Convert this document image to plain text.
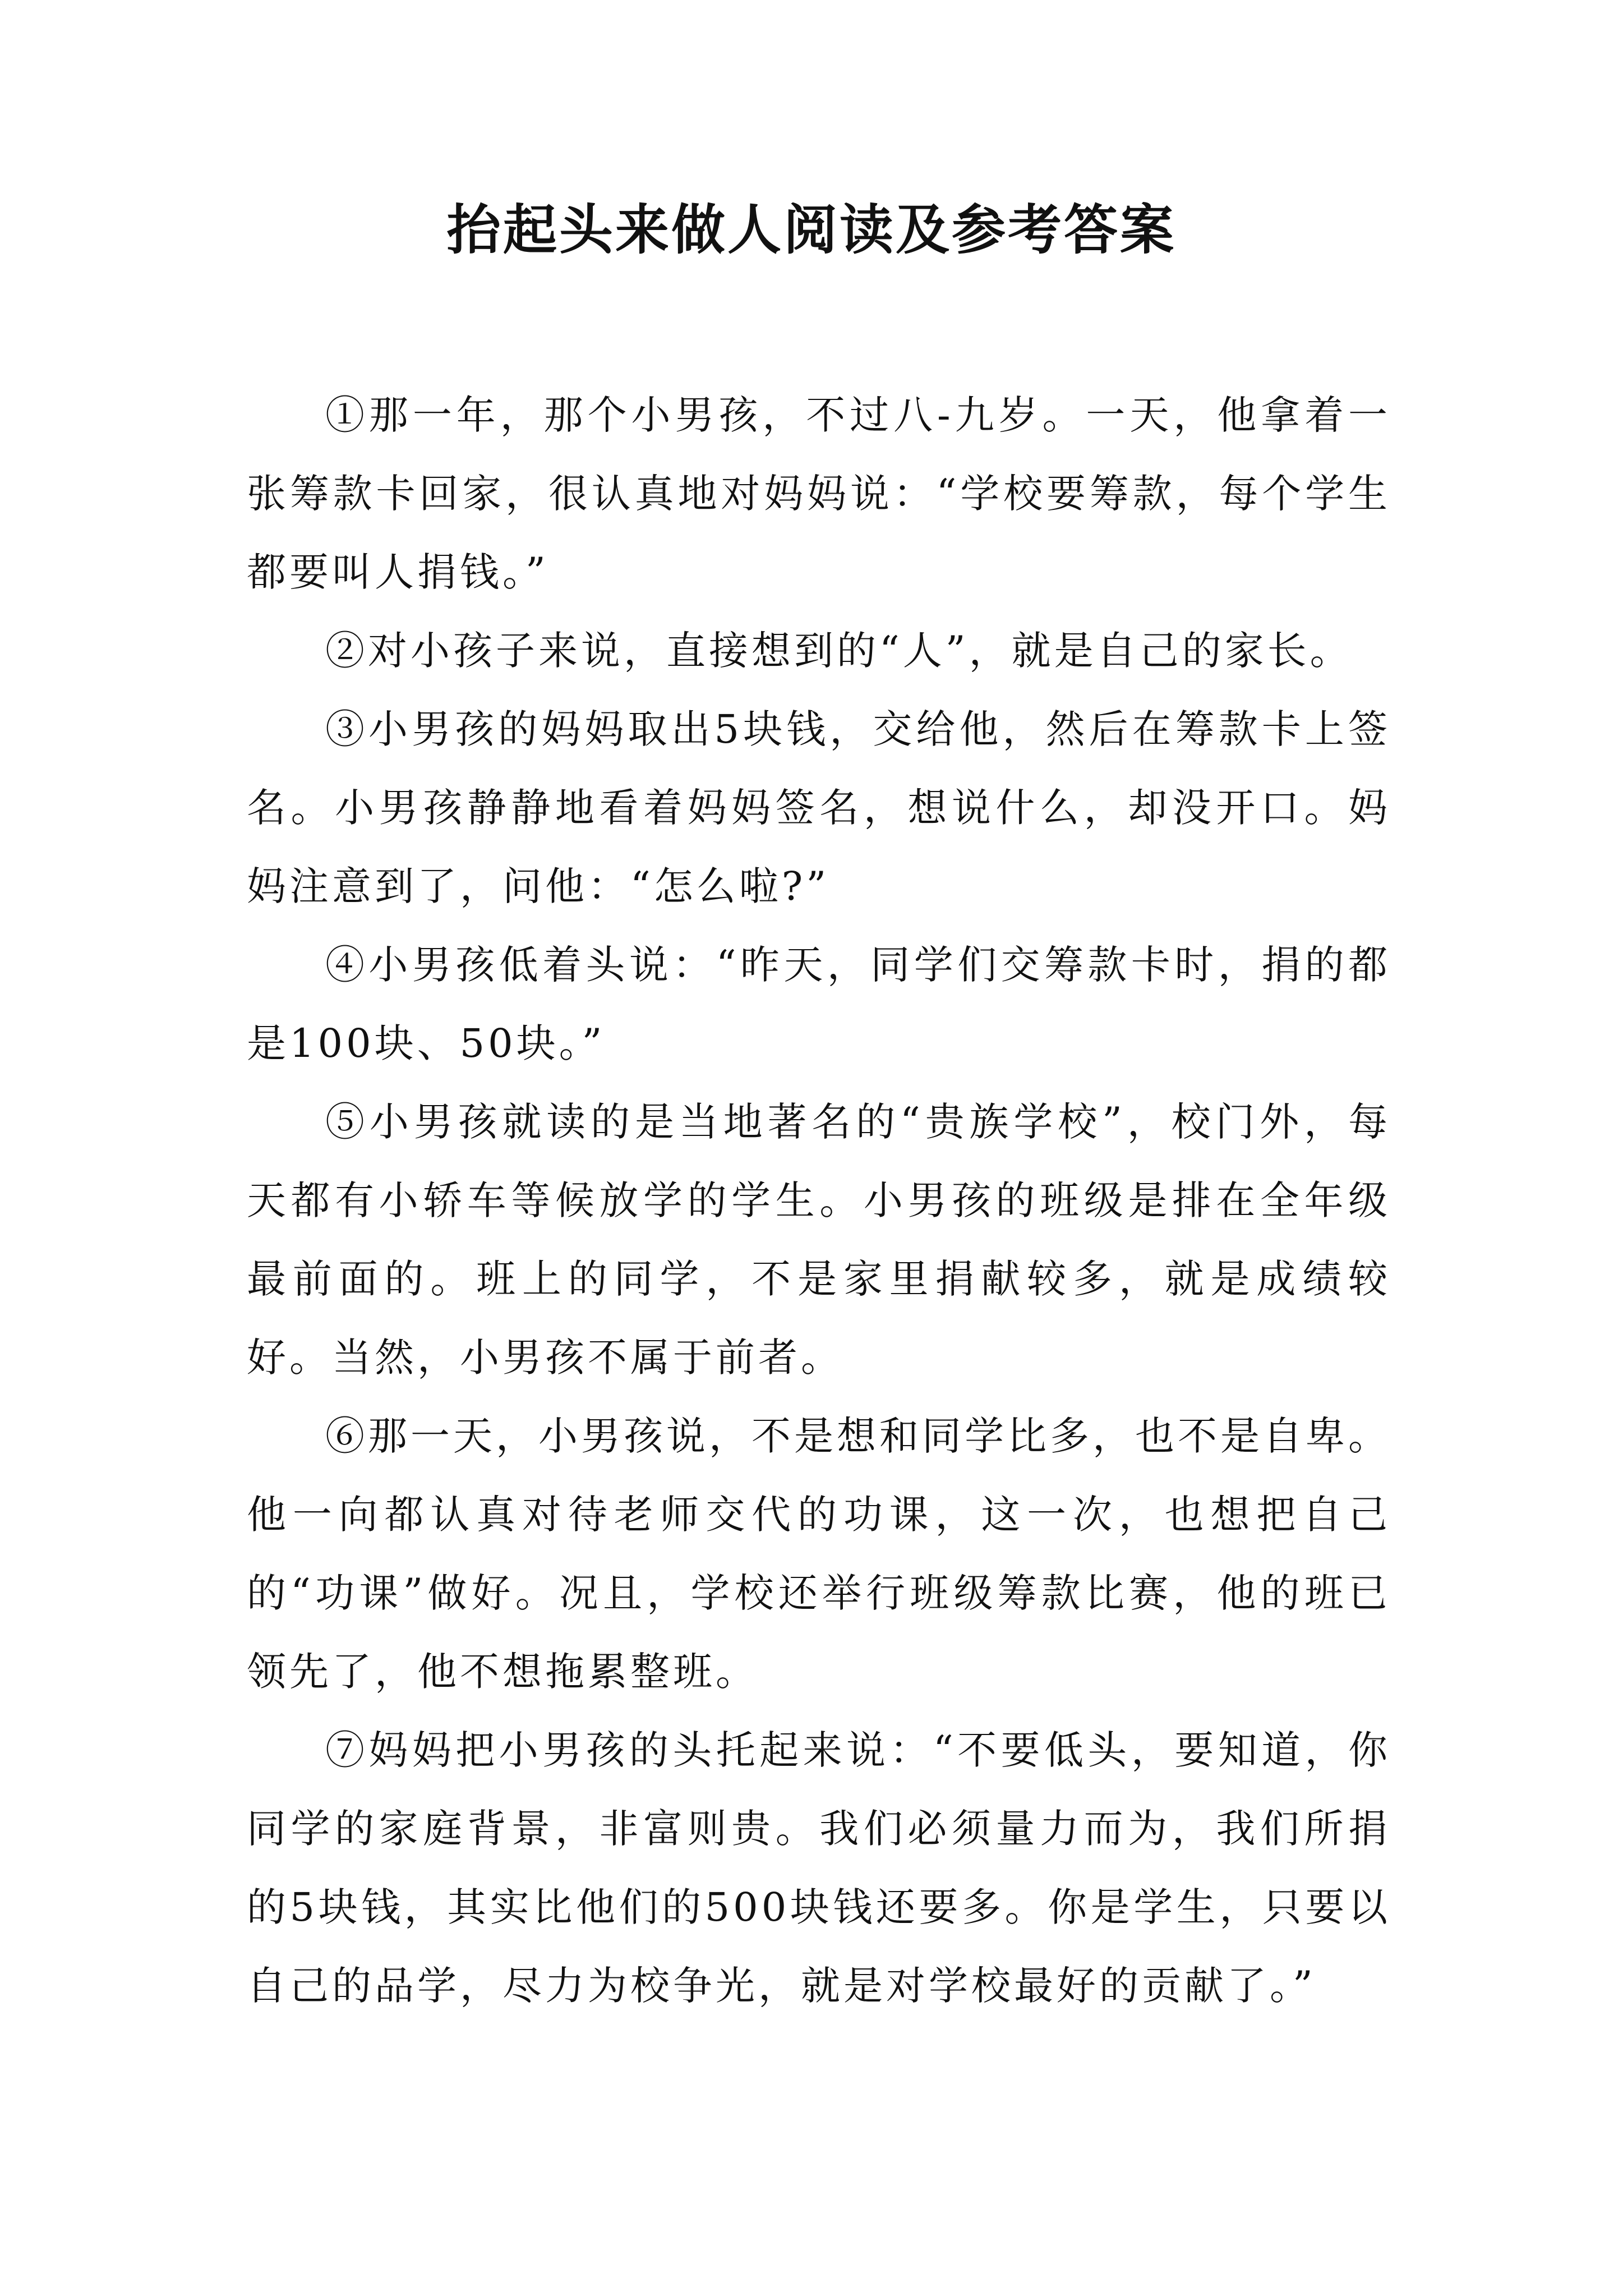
抬起头来做人阅读及参考答案

①那一年，那个小男孩，不过八-九岁。一天，他拿着一张筹款卡回家，很认真地对妈妈说：“学校要筹款，每个学生都要叫人捐钱。”

②对小孩子来说，直接想到的“人”，就是自己的家长。

③小男孩的妈妈取出5块钱，交给他，然后在筹款卡上签名。小男孩静静地看着妈妈签名，想说什么，却没开口。妈妈注意到了，问他：“怎么啦?”

④小男孩低着头说：“昨天，同学们交筹款卡时，捐的都是100块、50块。”

⑤小男孩就读的是当地著名的“贵族学校”，校门外，每天都有小轿车等候放学的学生。小男孩的班级是排在全年级最前面的。班上的同学，不是家里捐献较多，就是成绩较好。当然，小男孩不属于前者。

⑥那一天，小男孩说，不是想和同学比多，也不是自卑。他一向都认真对待老师交代的功课，这一次，也想把自己的“功课”做好。况且，学校还举行班级筹款比赛，他的班已领先了，他不想拖累整班。

⑦妈妈把小男孩的头托起来说：“不要低头，要知道，你同学的家庭背景，非富则贵。我们必须量力而为，我们所捐的5块钱，其实比他们的500块钱还要多。你是学生，只要以自己的品学，尽力为校争光，就是对学校最好的贡献了。”
